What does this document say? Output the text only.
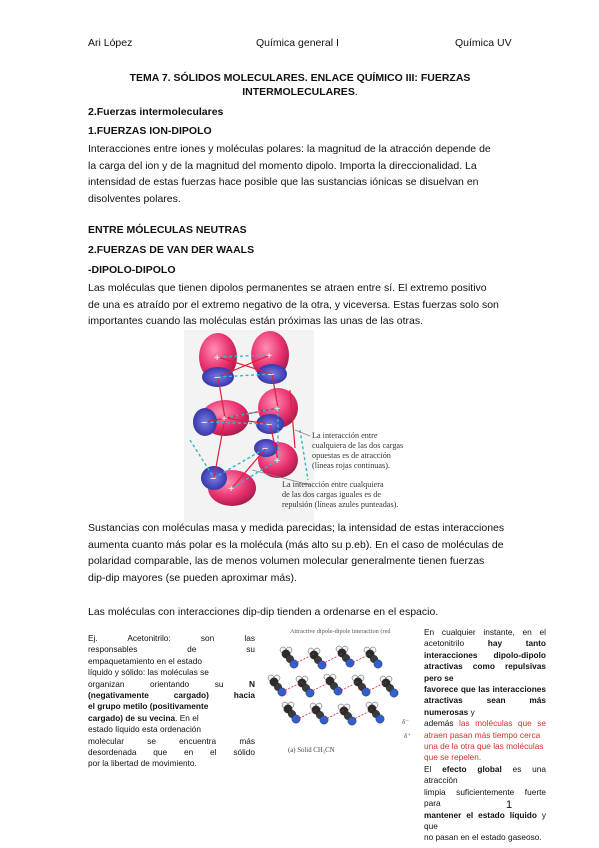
Ari López	Química general I	Química UV
TEMA 7. SÓLIDOS MOLECULARES. ENLACE QUÍMICO III: FUERZAS
INTERMOLECULARES.
2.Fuerzas intermoleculares
1.FUERZAS ION-DIPOLO
Interacciones entre iones y moléculas polares: la magnitud de la atracción depende de
la carga del ion y de la magnitud del momento dipolo. Importa la direccionalidad. La
intensidad de estas fuerzas hace posible que las sustancias iónicas se disuelvan en
disolventes polares.
ENTRE MÓLECULAS NEUTRAS
2.FUERZAS DE VAN DER WAALS
-DIPOLO-DIPOLO
Las moléculas que tienen dipolos permanentes se atraen entre sí. El extremo positivo
de una es atraído por el extremo negativo de la otra, y viceversa. Estas fuerzas solo son
importantes cuando las moléculas están próximas las unas de las otras.
+	+
+
+
+
+
−	−
−	−
−
−
La interacción entre
cualquiera de las dos cargas
opuestas es de atracción
(líneas rojas continuas).
La interacción entre cualquiera
de las dos cargas iguales es de
repulsión (líneas azules punteadas).
Sustancias con moléculas masa y medida parecidas; la intensidad de estas interacciones
aumenta cuanto más polar es la molécula (más alto su p.eb). En el caso de moléculas de
polaridad comparable, las de menos volumen molecular generalmente tienen fuerzas
dip-dip mayores (se pueden aproximar más).
Las moléculas con interacciones dip-dip tienden a ordenarse en el espacio.
Ej. Acetonitrilo: son las
responsables de su
empaquetamiento en el estado
líquido y sólido: las moléculas se
organizan orientando su N
(negativamente cargado) hacia
el grupo metilo (positivamente
cargado) de su vecina. En el
estado líquido esta ordenación
molecular se encuentra más
desordenada que en el sólido
por la libertad de movimiento.
Attractive dipole-dipole interaction (red
(a) Solid CH₃CN
δ⁻
δ⁺
En cualquier instante, en el
acetonitrilo hay tanto
interacciones dipolo-dipolo
atractivas como repulsivas pero se
favorece que las interacciones
atractivas sean más numerosas y
además las moléculas que se
atraen pasan más tiempo cerca
una de la otra que las moléculas
que se repelen.
El efecto global es una atracción
limpia suficientemente fuerte para
mantener el estado líquido y que
no pasan en el estado gaseoso.
1
